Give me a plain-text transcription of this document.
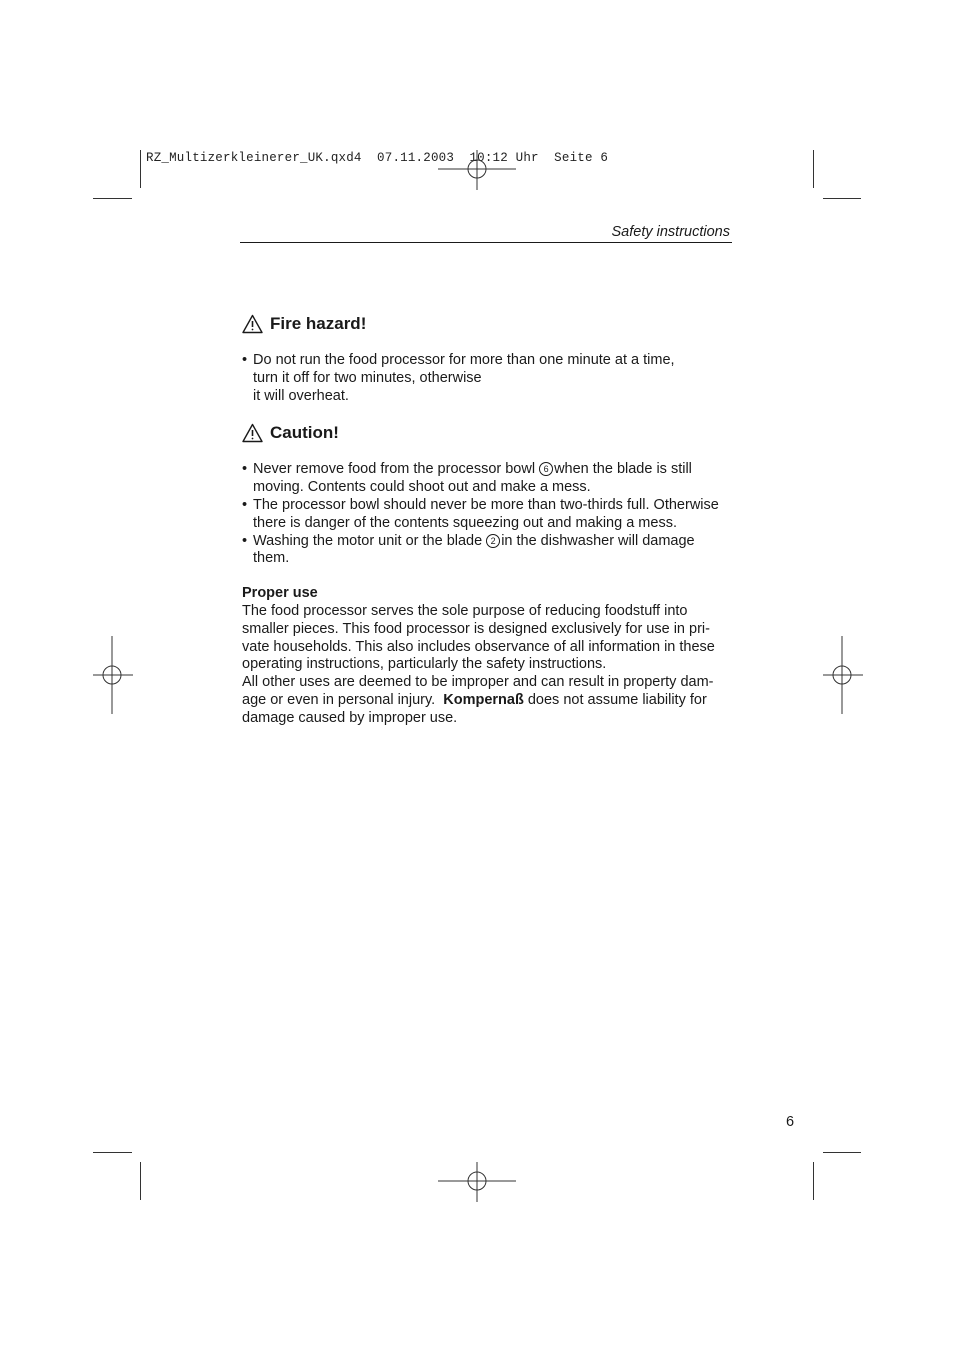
RZ_Multizerkleinerer_UK.qxd4  07.11.2003  10:12 Uhr  Seite 6
Safety instructions
Fire hazard!
• Do not run the food processor for more than one minute at a time,
turn it off for two minutes, otherwise
it will overheat.
Caution!
• Never remove food from the processor bowl 6 when the blade is still
moving. Contents could shoot out and make a mess.
• The processor bowl should never be more than two-thirds full. Otherwise
there is danger of the contents squeezing out and making a mess.
• Washing the motor unit or the blade 2 in the dishwasher will damage
them.
Proper use
The food processor serves the sole purpose of reducing foodstuff into
smaller pieces. This food processor is designed exclusively for use in pri-
vate households. This also includes observance of all information in these
operating instructions, particularly the safety instructions.
All other uses are deemed to be improper and can result in property dam-
age or even in personal injury.  Kompernaß does not assume liability for
damage caused by improper use.
6
